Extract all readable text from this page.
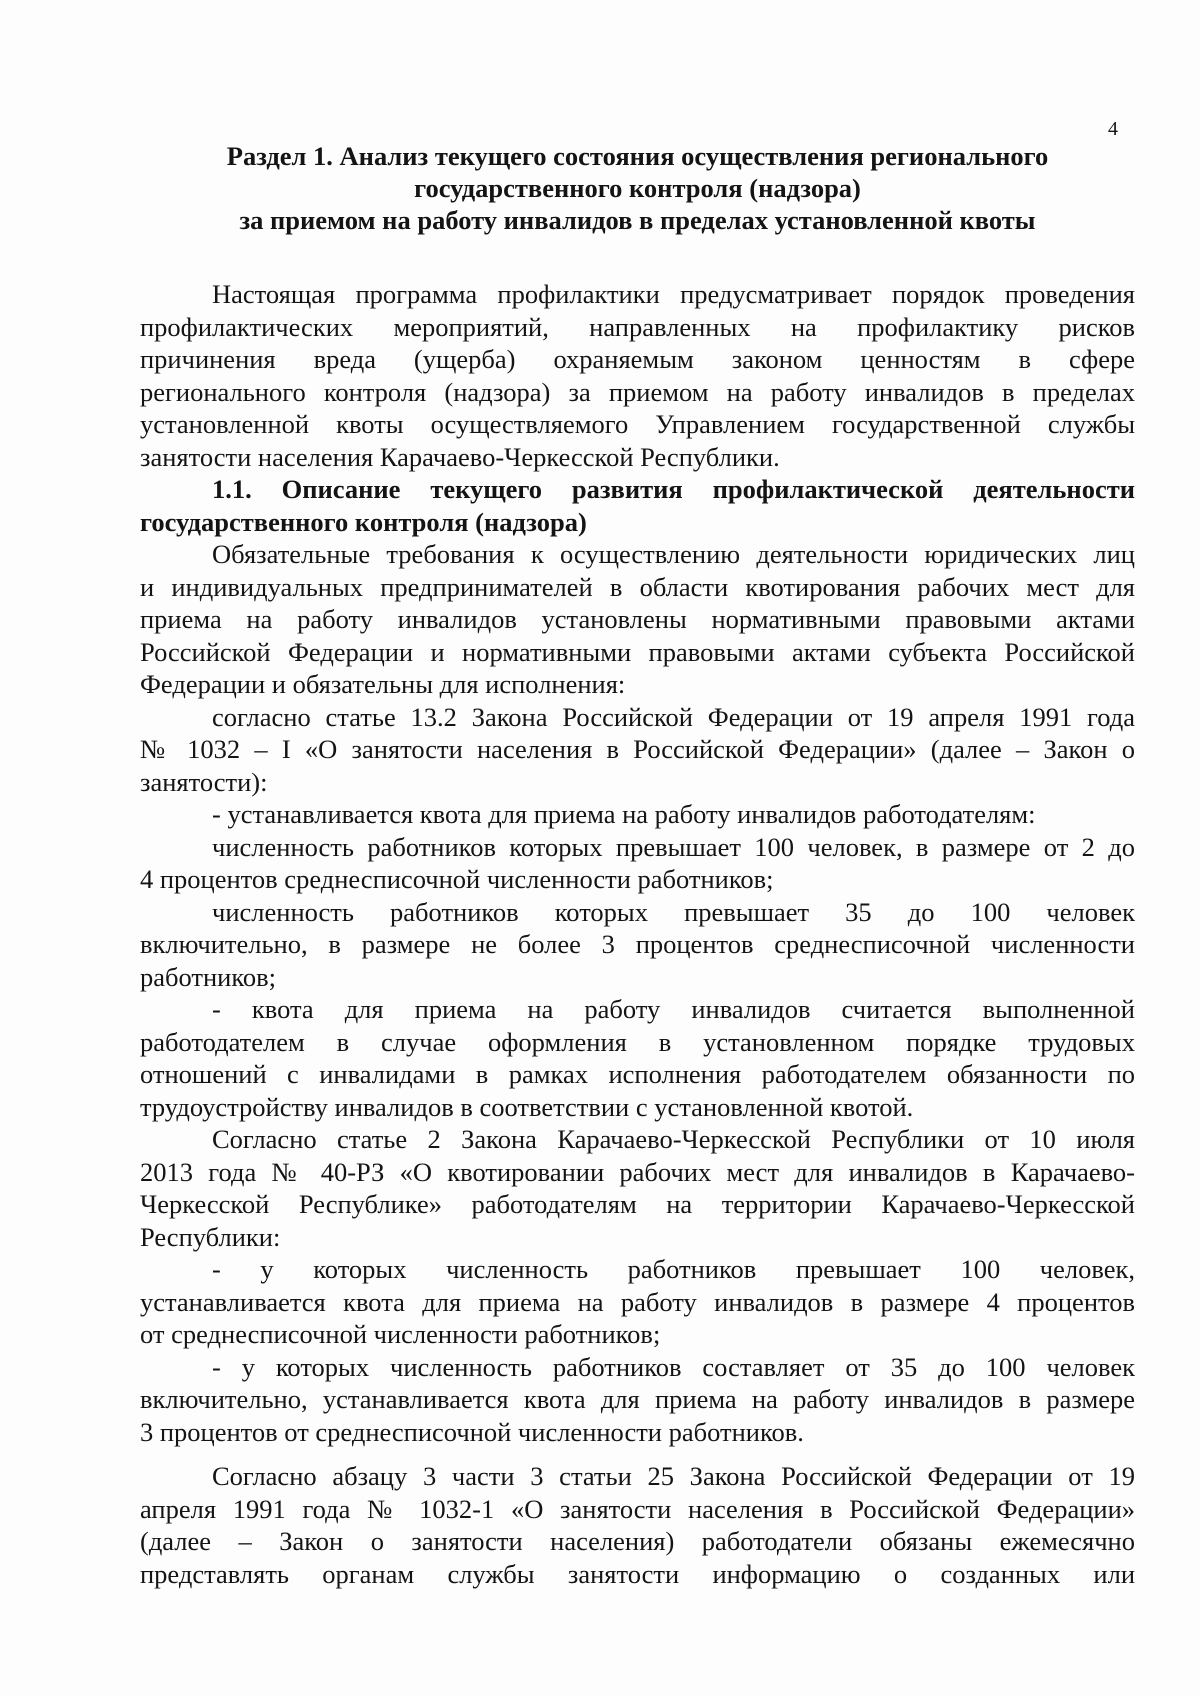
4
Раздел 1. Анализ текущего состояния осуществления регионального
государственного контроля (надзора)
за приемом на работу инвалидов в пределах установленной квоты
Настоящая программа профилактики предусматривает порядок проведения
профилактических мероприятий, направленных на профилактику рисков
причинения вреда (ущерба) охраняемым законом ценностям в сфере
регионального контроля (надзора) за приемом на работу инвалидов в пределах
установленной квоты осуществляемого Управлением государственной службы
занятости населения Карачаево-Черкесской Республики.
1.1. Описание текущего развития профилактической деятельности
государственного контроля (надзора)
Обязательные требования к осуществлению деятельности юридических лиц
и индивидуальных предпринимателей в области квотирования рабочих мест для
приема на работу инвалидов установлены нормативными правовыми актами
Российской Федерации и нормативными правовыми актами субъекта Российской
Федерации и обязательны для исполнения:
согласно статье 13.2 Закона Российской Федерации от 19 апреля 1991 года
№ 1032 – I «О занятости населения в Российской Федерации» (далее – Закон о
занятости):
- устанавливается квота для приема на работу инвалидов работодателям:
численность работников которых превышает 100 человек, в размере от 2 до
4 процентов среднесписочной численности работников;
численность работников которых превышает 35 до 100 человек
включительно, в размере не более 3 процентов среднесписочной численности
работников;
- квота для приема на работу инвалидов считается выполненной
работодателем в случае оформления в установленном порядке трудовых
отношений с инвалидами в рамках исполнения работодателем обязанности по
трудоустройству инвалидов в соответствии с установленной квотой.
Согласно статье 2 Закона Карачаево-Черкесской Республики от 10 июля
2013 года № 40-РЗ «О квотировании рабочих мест для инвалидов в Карачаево-
Черкесской Республике» работодателям на территории Карачаево-Черкесской
Республики:
- у которых численность работников превышает 100 человек,
устанавливается квота для приема на работу инвалидов в размере 4 процентов
от среднесписочной численности работников;
- у которых численность работников составляет от 35 до 100 человек
включительно, устанавливается квота для приема на работу инвалидов в размере
3 процентов от среднесписочной численности работников.
Согласно абзацу 3 части 3 статьи 25 Закона Российской Федерации от 19
апреля 1991 года № 1032-1 «О занятости населения в Российской Федерации»
(далее – Закон о занятости населения) работодатели обязаны ежемесячно
представлять органам службы занятости информацию о созданных или
